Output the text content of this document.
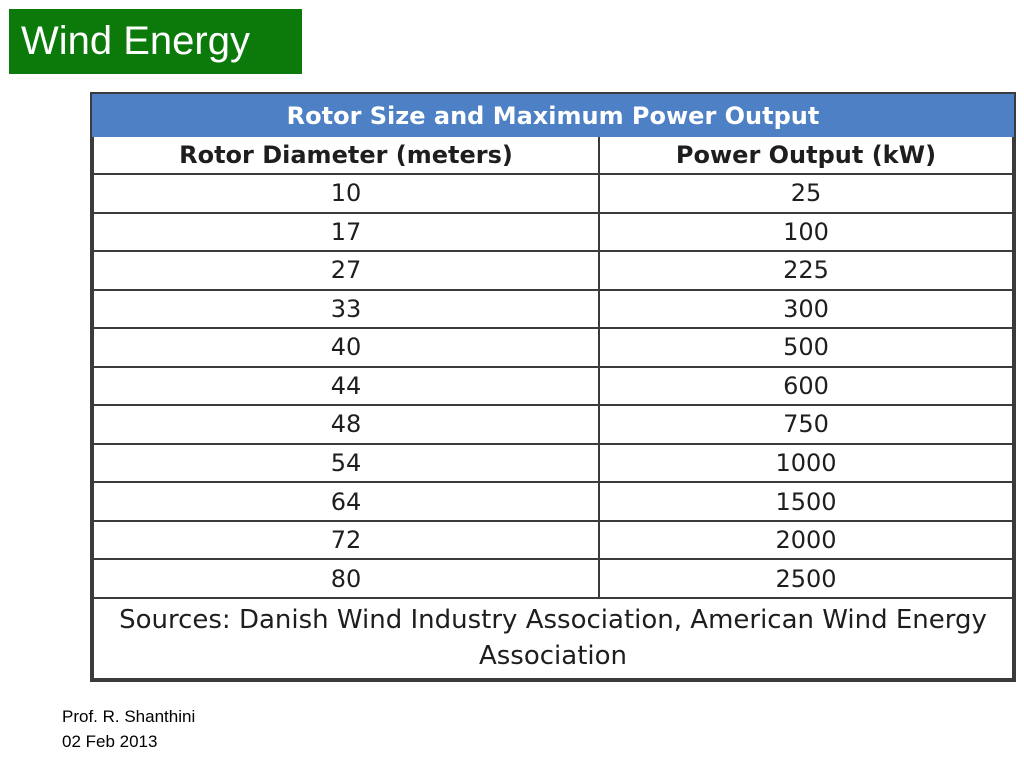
Wind Energy
Rotor Size and Maximum Power Output	
Rotor Diameter (meters)	Power Output (kW)
10	25
17	100
27	225
33	300
40	500
44	600
48	750
54	1000
64	1500
72	2000
80	2500
Sources: Danish Wind Industry Association, American Wind Energy Association	
Prof. R. Shanthini
02 Feb 2013
